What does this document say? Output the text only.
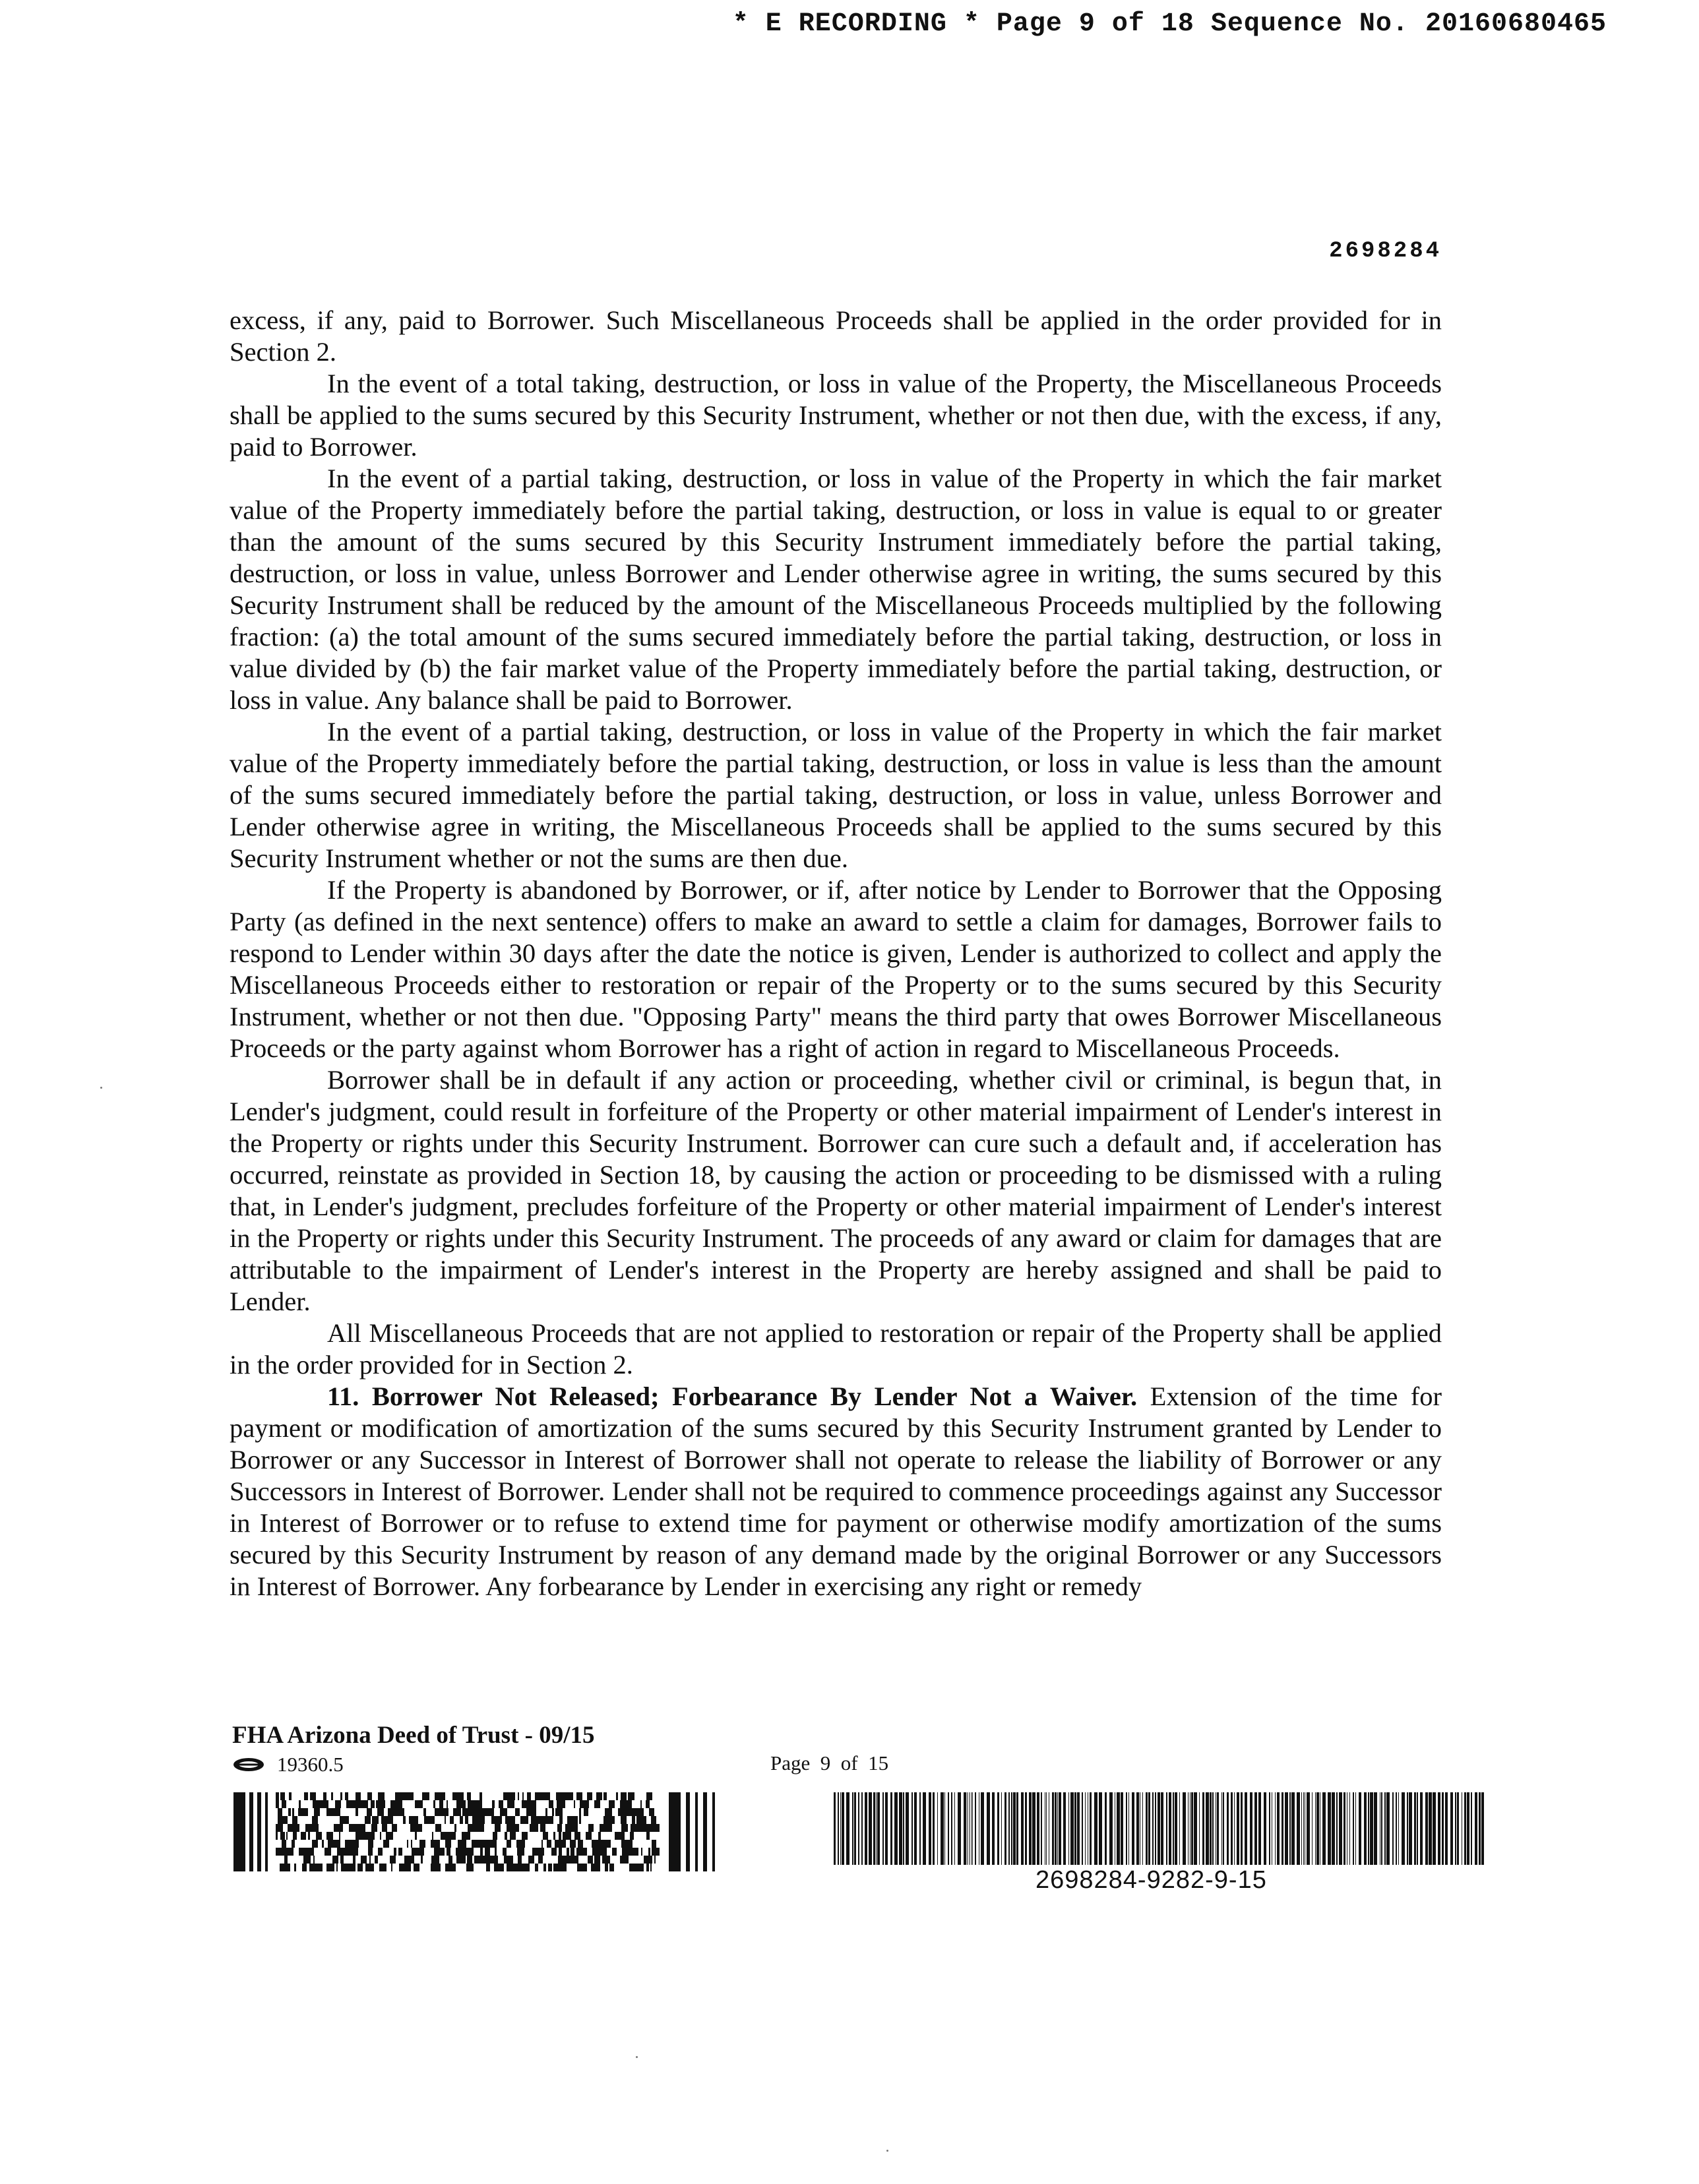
* E RECORDING * Page 9 of 18 Sequence No. 20160680465
2698284

excess, if any, paid to Borrower. Such Miscellaneous Proceeds shall be applied in the order provided for in Section 2.

In the event of a total taking, destruction, or loss in value of the Property, the Miscellaneous Proceeds shall be applied to the sums secured by this Security Instrument, whether or not then due, with the excess, if any, paid to Borrower.

In the event of a partial taking, destruction, or loss in value of the Property in which the fair market value of the Property immediately before the partial taking, destruction, or loss in value is equal to or greater than the amount of the sums secured by this Security Instrument immediately before the partial taking, destruction, or loss in value, unless Borrower and Lender otherwise agree in writing, the sums secured by this Security Instrument shall be reduced by the amount of the Miscellaneous Proceeds multiplied by the following fraction: (a) the total amount of the sums secured immediately before the partial taking, destruction, or loss in value divided by (b) the fair market value of the Property immediately before the partial taking, destruction, or loss in value. Any balance shall be paid to Borrower.

In the event of a partial taking, destruction, or loss in value of the Property in which the fair market value of the Property immediately before the partial taking, destruction, or loss in value is less than the amount of the sums secured immediately before the partial taking, destruction, or loss in value, unless Borrower and Lender otherwise agree in writing, the Miscellaneous Proceeds shall be applied to the sums secured by this Security Instrument whether or not the sums are then due.

If the Property is abandoned by Borrower, or if, after notice by Lender to Borrower that the Opposing Party (as defined in the next sentence) offers to make an award to settle a claim for damages, Borrower fails to respond to Lender within 30 days after the date the notice is given, Lender is authorized to collect and apply the Miscellaneous Proceeds either to restoration or repair of the Property or to the sums secured by this Security Instrument, whether or not then due. "Opposing Party" means the third party that owes Borrower Miscellaneous Proceeds or the party against whom Borrower has a right of action in regard to Miscellaneous Proceeds.

Borrower shall be in default if any action or proceeding, whether civil or criminal, is begun that, in Lender's judgment, could result in forfeiture of the Property or other material impairment of Lender's interest in the Property or rights under this Security Instrument. Borrower can cure such a default and, if acceleration has occurred, reinstate as provided in Section 18, by causing the action or proceeding to be dismissed with a ruling that, in Lender's judgment, precludes forfeiture of the Property or other material impairment of Lender's interest in the Property or rights under this Security Instrument. The proceeds of any award or claim for damages that are attributable to the impairment of Lender's interest in the Property are hereby assigned and shall be paid to Lender.

All Miscellaneous Proceeds that are not applied to restoration or repair of the Property shall be applied in the order provided for in Section 2.

11. Borrower Not Released; Forbearance By Lender Not a Waiver. Extension of the time for payment or modification of amortization of the sums secured by this Security Instrument granted by Lender to Borrower or any Successor in Interest of Borrower shall not operate to release the liability of Borrower or any Successors in Interest of Borrower. Lender shall not be required to commence proceedings against any Successor in Interest of Borrower or to refuse to extend time for payment or otherwise modify amortization of the sums secured by this Security Instrument by reason of any demand made by the original Borrower or any Successors in Interest of Borrower. Any forbearance by Lender in exercising any right or remedy

FHA Arizona Deed of Trust - 09/15
19360.5	Page  9  of  15
2698284-9282-9-15
